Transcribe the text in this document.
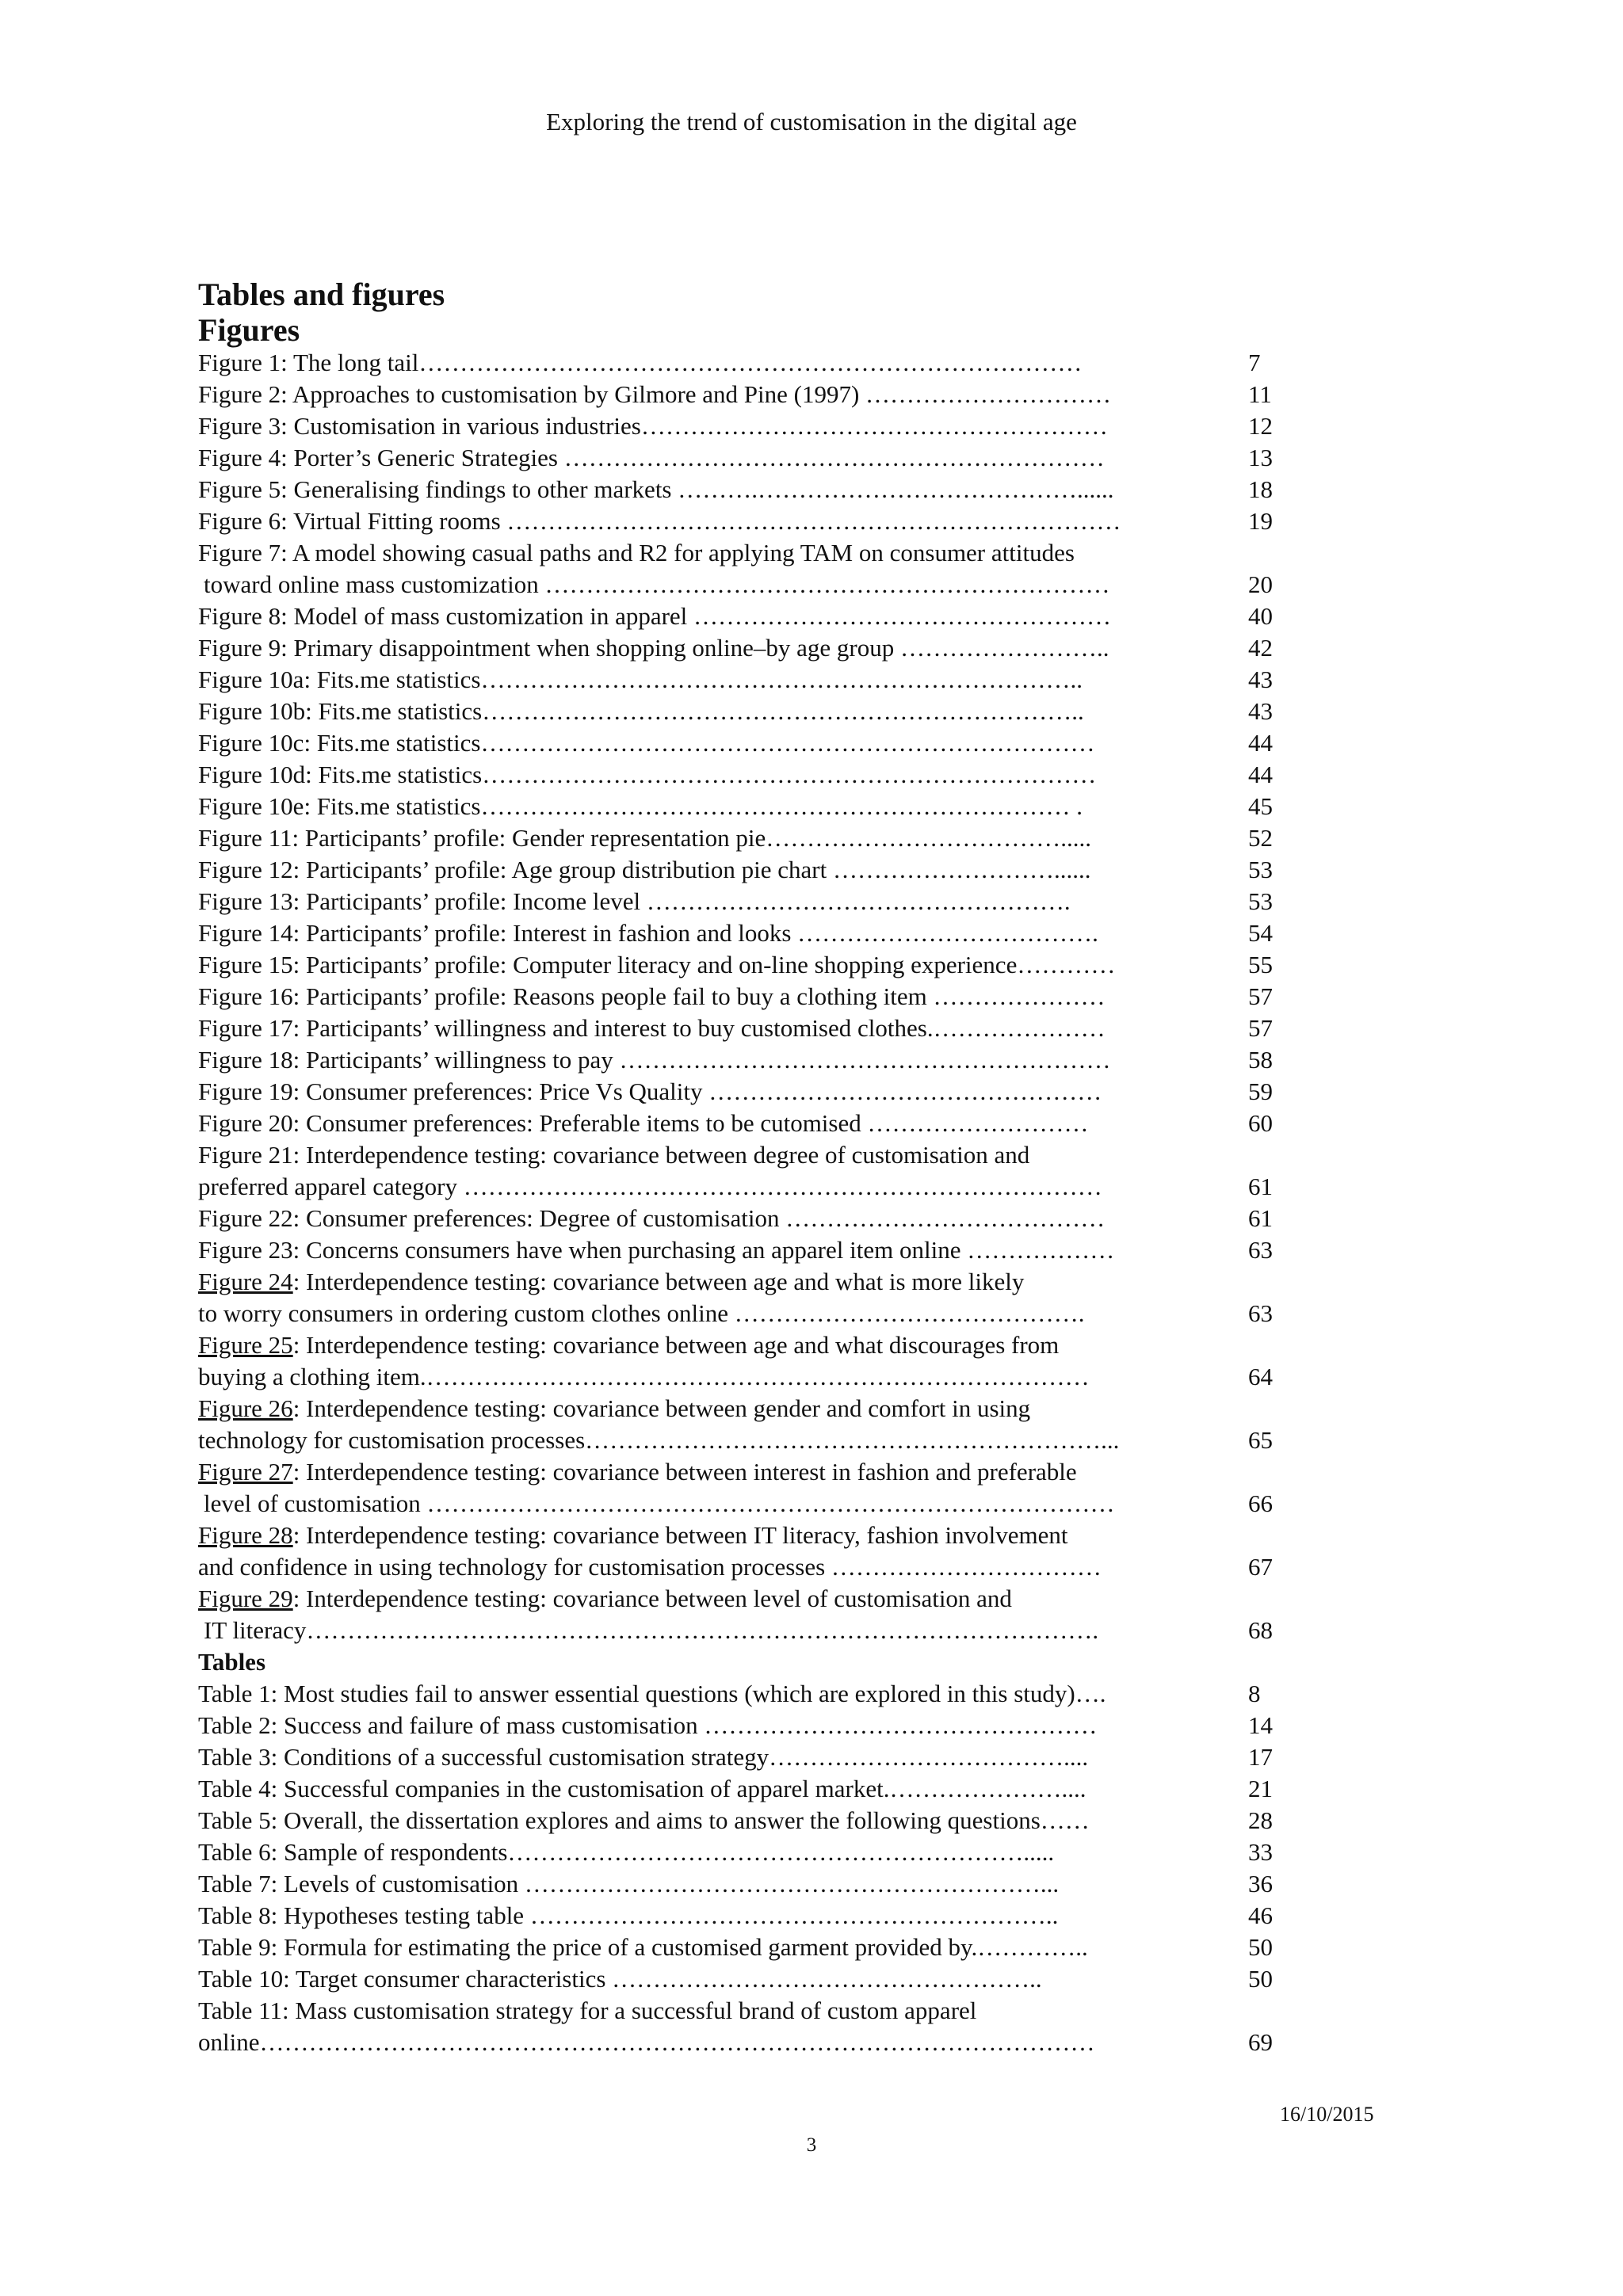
Exploring the trend of customisation in the digital age
Tables and figures
Figures
Figure 1: The long tail………………………………………………………………………	7
Figure 2: Approaches to customisation by Gilmore and Pine (1997) …………………………	11
Figure 3: Customisation in various industries…………………………………………………	12
Figure 4: Porter’s Generic Strategies …………………………………………………………	13
Figure 5: Generalising findings to other markets ……….…………………………………......	18
Figure 6: Virtual Fitting rooms …………………………………………………………………	19
Figure 7: A model showing casual paths and R2 for applying TAM on consumer attitudes
toward online mass customization ……………………………………………………………	20
Figure 8: Model of mass customization in apparel ……………………………………………	40
Figure 9: Primary disappointment when shopping online–by age group ……………………..	42
Figure 10a: Fits.me statistics………………………………………………………………..	43
Figure 10b: Fits.me statistics………………………………………………………………..	43
Figure 10c: Fits.me statistics…………………………………………………………………	44
Figure 10d: Fits.me statistics…………………………………………………………………	44
Figure 10e: Fits.me statistics……………………………………………………………… .	45
Figure 11: Participants’ profile: Gender representation pie……………………………….....	52
Figure 12: Participants’ profile: Age group distribution pie chart ………………………......	53
Figure 13: Participants’ profile: Income level …………………………………………….	53
Figure 14: Participants’ profile: Interest in fashion and looks ……………………………….	54
Figure 15: Participants’ profile: Computer literacy and on-line shopping experience…………	55
Figure 16: Participants’ profile: Reasons people fail to buy a clothing item …………………	57
Figure 17: Participants’ willingness and interest to buy customised clothes.…………………	57
Figure 18: Participants’ willingness to pay ……………………………………………………	58
Figure 19: Consumer preferences: Price Vs Quality …………………………………………	59
Figure 20: Consumer preferences: Preferable items to be cutomised ………………………	60
Figure 21: Interdependence testing: covariance between degree of customisation and
preferred apparel category ……………………………………………………………………	61
Figure 22: Consumer preferences: Degree of customisation …………………………………	61
Figure 23: Concerns consumers have when purchasing an apparel item online ………………	63
Figure 24: Interdependence testing: covariance between age and what is more likely
to worry consumers in ordering custom clothes online …………………………………….	63
Figure 25: Interdependence testing: covariance between age and what discourages from
buying a clothing item.………………………………………………………………………	64
Figure 26: Interdependence testing: covariance between gender and comfort in using
technology for customisation processes………………………………………………………...	65
Figure 27: Interdependence testing: covariance between interest in fashion and preferable
level of customisation …………………………………………………………………………	66
Figure 28: Interdependence testing: covariance between IT literacy, fashion involvement
and confidence in using technology for customisation processes ……………………………	67
Figure 29: Interdependence testing: covariance between level of customisation and
IT literacy…………………………………………………………………………………….	68
Tables
Table 1: Most studies fail to answer essential questions (which are explored in this study)….	8
Table 2: Success and failure of mass customisation …………………………………………	14
Table 3: Conditions of a successful customisation strategy………………………………....	17
Table 4: Successful companies in the customisation of apparel market.…………………....	21
Table 5: Overall, the dissertation explores and aims to answer the following questions……	28
Table 6: Sample of respondents……………………………………………………….....	33
Table 7: Levels of customisation ………………………………………………………...	36
Table 8: Hypotheses testing table ………………………………………………………..	46
Table 9: Formula for estimating the price of a customised garment provided by.…………..	50
Table 10: Target consumer characteristics ……………………………………………..	50
Table 11: Mass customisation strategy for a successful brand of custom apparel
online…………………………………………………………………………………………	69
16/10/2015
3
